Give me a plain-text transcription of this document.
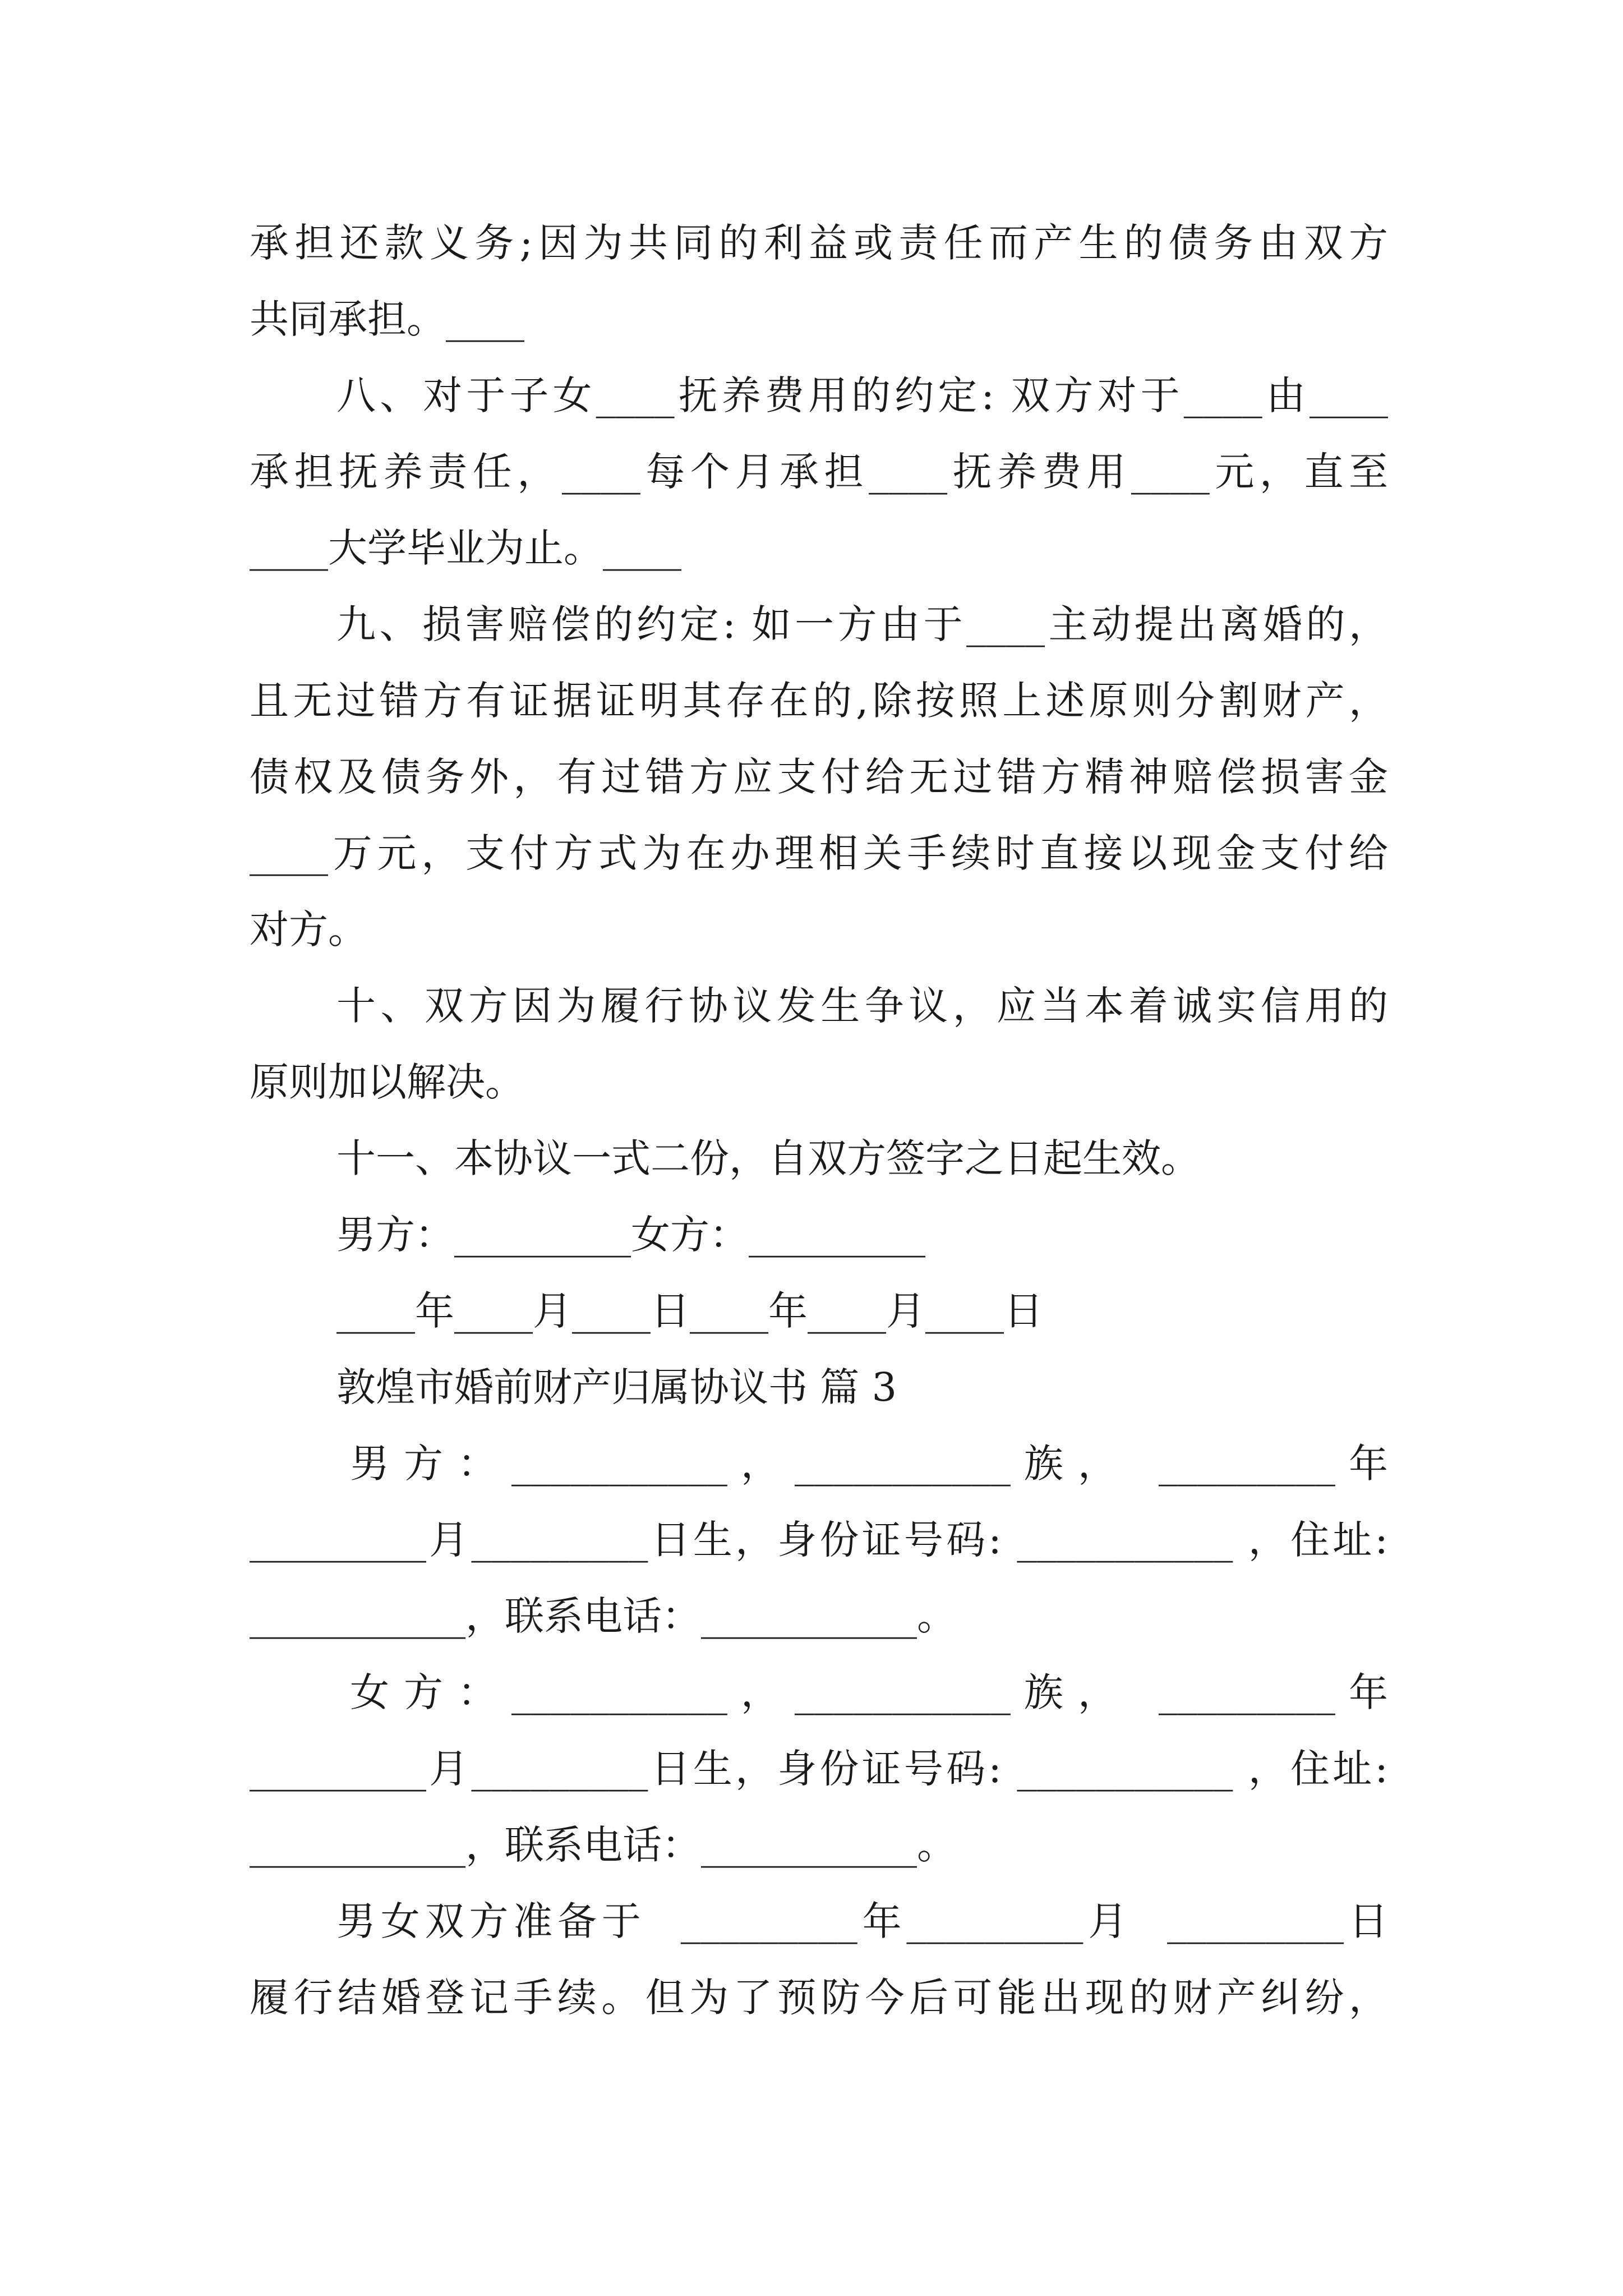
承担还款义务;因为共同的利益或责任而产生的债务由双方
共同承担。____
八、对于子女____抚养费用的约定: 双方对于____由____
承担抚养责任，____每个月承担____抚养费用____元，直至
____大学毕业为止。____
九、损害赔偿的约定: 如一方由于____主动提出离婚的，
且无过错方有证据证明其存在的,除按照上述原则分割财产，
债权及债务外，有过错方应支付给无过错方精神赔偿损害金
____万元，支付方式为在办理相关手续时直接以现金支付给
对方。
十、双方因为履行协议发生争议，应当本着诚实信用的
原则加以解决。
十一、本协议一式二份，自双方签字之日起生效。
男方：_________女方：_________
____年____月____日____年____月____日
敦煌市婚前财产归属协议书 篇 3
男 方 ： ___________ ， ___________ 族 ，   _________ 年
_________月_________日生，身份证号码: ___________ ，住址:
___________，联系电话：___________。
女 方 ： ___________ ， ___________ 族 ，   _________ 年
_________月_________日生，身份证号码: ___________ ，住址:
___________，联系电话：___________。
男女双方准备于  _________年_________月  _________日
履行结婚登记手续。但为了预防今后可能出现的财产纠纷，
